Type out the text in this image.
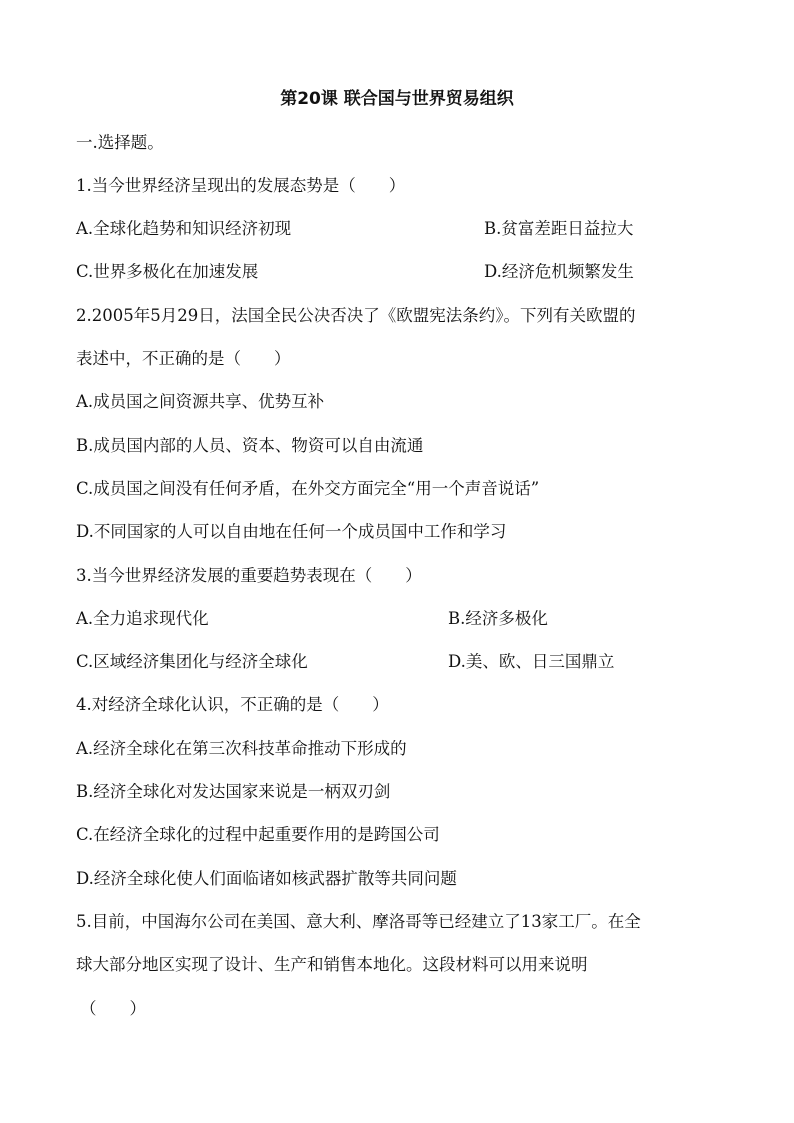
第20课 联合国与世界贸易组织
一.选择题。
1.当今世界经济呈现出的发展态势是（　　）
A.全球化趋势和知识经济初现	B.贫富差距日益拉大
C.世界多极化在加速发展	D.经济危机频繁发生
2.2005年5月29日，法国全民公决否决了《欧盟宪法条约》。下列有关欧盟的
表述中，不正确的是（　　）
A.成员国之间资源共享、优势互补
B.成员国内部的人员、资本、物资可以自由流通
C.成员国之间没有任何矛盾，在外交方面完全“用一个声音说话”
D.不同国家的人可以自由地在任何一个成员国中工作和学习
3.当今世界经济发展的重要趋势表现在（　　）
A.全力追求现代化	B.经济多极化
C.区域经济集团化与经济全球化	D.美、欧、日三国鼎立
4.对经济全球化认识，不正确的是（　　）
A.经济全球化在第三次科技革命推动下形成的
B.经济全球化对发达国家来说是一柄双刃剑
C.在经济全球化的过程中起重要作用的是跨国公司
D.经济全球化使人们面临诸如核武器扩散等共同问题
5.目前，中国海尔公司在美国、意大利、摩洛哥等已经建立了13家工厂。在全
球大部分地区实现了设计、生产和销售本地化。这段材料可以用来说明
（　　）
